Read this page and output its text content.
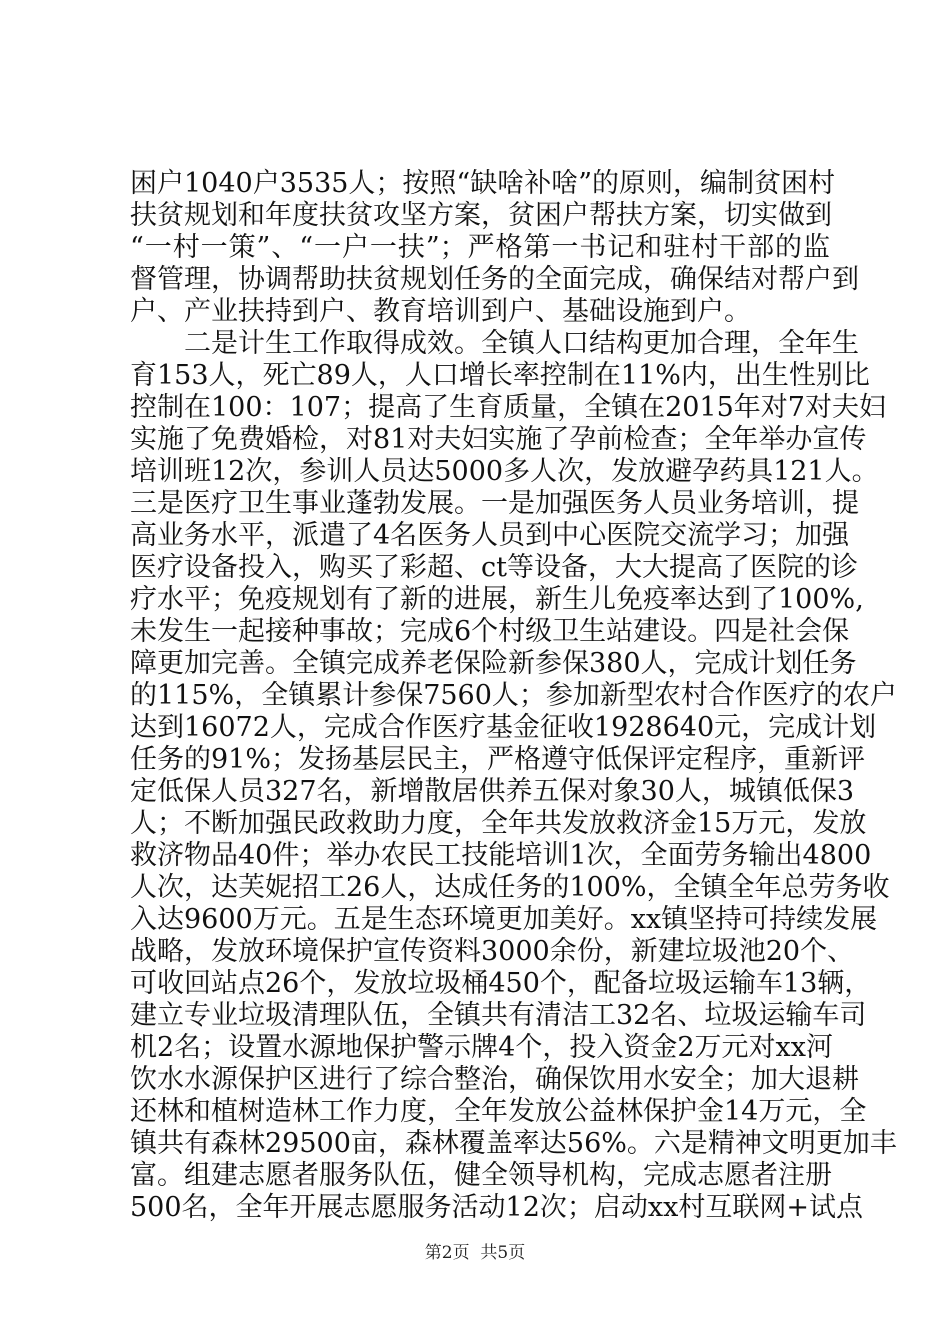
困户1040户3535人；按照“缺啥补啥”的原则，编制贫困村
扶贫规划和年度扶贫攻坚方案，贫困户帮扶方案，切实做到
“一村一策”、“一户一扶”；严格第一书记和驻村干部的监
督管理，协调帮助扶贫规划任务的全面完成，确保结对帮户到
户、产业扶持到户、教育培训到户、基础设施到户。
二是计生工作取得成效。全镇人口结构更加合理，全年生
育153人，死亡89人，人口增长率控制在11%内，出生性别比
控制在100：107；提高了生育质量，全镇在2015年对7对夫妇
实施了免费婚检，对81对夫妇实施了孕前检查；全年举办宣传
培训班12次，参训人员达5000多人次，发放避孕药具121人。
三是医疗卫生事业蓬勃发展。一是加强医务人员业务培训，提
高业务水平，派遣了4名医务人员到中心医院交流学习；加强
医疗设备投入，购买了彩超、ct等设备，大大提高了医院的诊
疗水平；免疫规划有了新的进展，新生儿免疫率达到了100%,
未发生一起接种事故；完成6个村级卫生站建设。四是社会保
障更加完善。全镇完成养老保险新参保380人，完成计划任务
的115%，全镇累计参保7560人；参加新型农村合作医疗的农户
达到16072人，完成合作医疗基金征收1928640元，完成计划
任务的91%；发扬基层民主，严格遵守低保评定程序，重新评
定低保人员327名，新增散居供养五保对象30人，城镇低保3
人；不断加强民政救助力度，全年共发放救济金15万元，发放
救济物品40件；举办农民工技能培训1次，全面劳务输出4800
人次，达芙妮招工26人，达成任务的100%，全镇全年总劳务收
入达9600万元。五是生态环境更加美好。xx镇坚持可持续发展
战略，发放环境保护宣传资料3000余份，新建垃圾池20个、
可收回站点26个，发放垃圾桶450个，配备垃圾运输车13辆，
建立专业垃圾清理队伍，全镇共有清洁工32名、垃圾运输车司
机2名；设置水源地保护警示牌4个，投入资金2万元对xx河
饮水水源保护区进行了综合整治，确保饮用水安全；加大退耕
还林和植树造林工作力度，全年发放公益林保护金14万元，全
镇共有森林29500亩，森林覆盖率达56%。六是精神文明更加丰
富。组建志愿者服务队伍，健全领导机构，完成志愿者注册
500名，全年开展志愿服务活动12次；启动xx村互联网+试点
第2页  共5页
